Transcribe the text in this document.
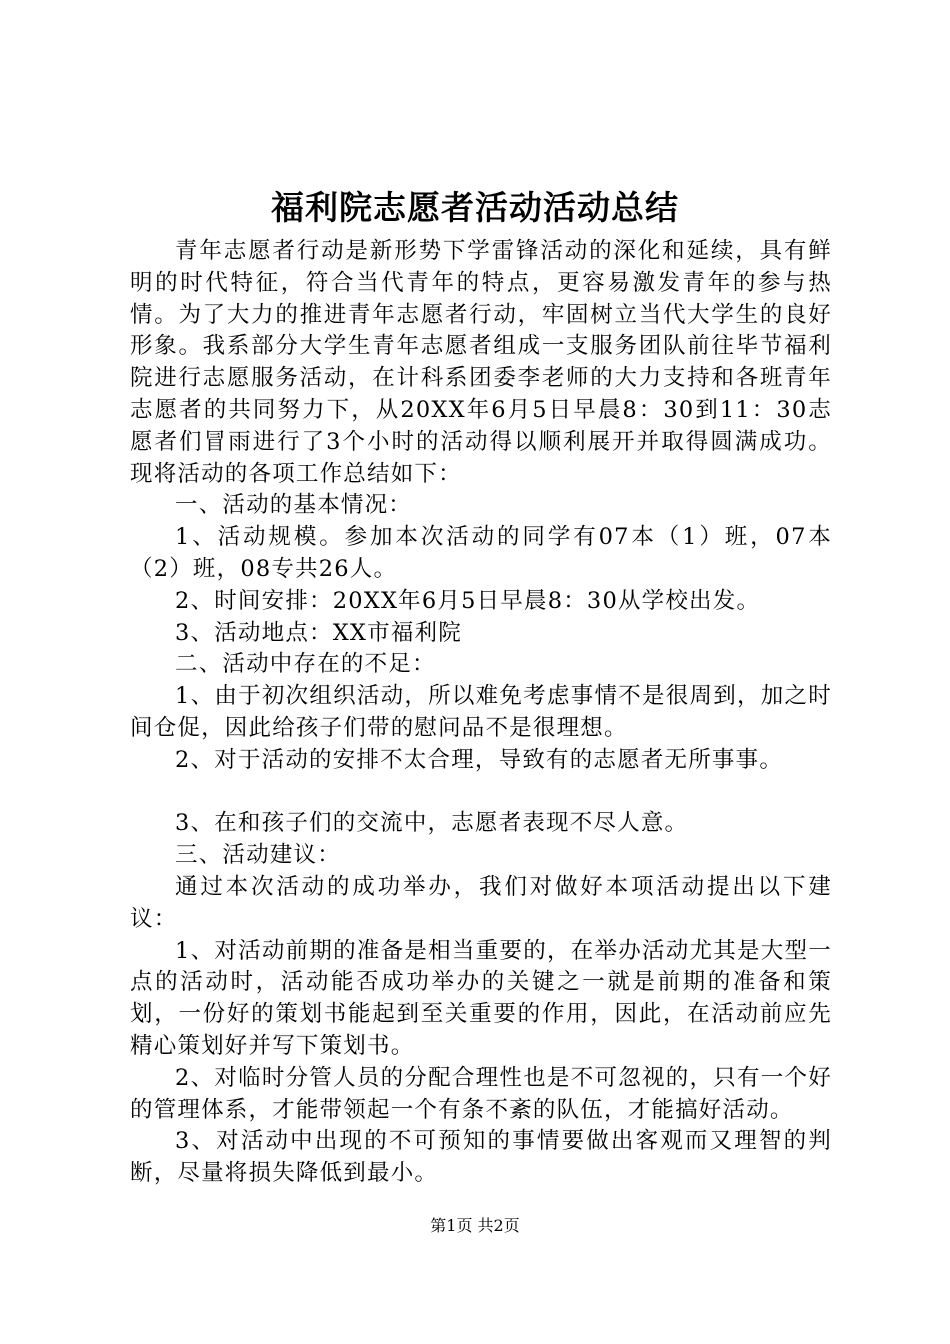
福利院志愿者活动活动总结

青年志愿者行动是新形势下学雷锋活动的深化和延续，具有鲜明的时代特征，符合当代青年的特点，更容易激发青年的参与热情。为了大力的推进青年志愿者行动，牢固树立当代大学生的良好形象。我系部分大学生青年志愿者组成一支服务团队前往毕节福利院进行志愿服务活动，在计科系团委李老师的大力支持和各班青年志愿者的共同努力下，从20XX年6月5日早晨8：30到11：30志愿者们冒雨进行了3个小时的活动得以顺利展开并取得圆满成功。现将活动的各项工作总结如下：

一、活动的基本情况：

1、活动规模。参加本次活动的同学有07本（1）班，07本（2）班，08专共26人。

2、时间安排：20XX年6月5日早晨8：30从学校出发。

3、活动地点：XX市福利院

二、活动中存在的不足：

1、由于初次组织活动，所以难免考虑事情不是很周到，加之时间仓促，因此给孩子们带的慰问品不是很理想。

2、对于活动的安排不太合理，导致有的志愿者无所事事。

3、在和孩子们的交流中，志愿者表现不尽人意。

三、活动建议：

通过本次活动的成功举办，我们对做好本项活动提出以下建议：

1、对活动前期的准备是相当重要的，在举办活动尤其是大型一点的活动时，活动能否成功举办的关键之一就是前期的准备和策划，一份好的策划书能起到至关重要的作用，因此，在活动前应先精心策划好并写下策划书。

2、对临时分管人员的分配合理性也是不可忽视的，只有一个好的管理体系，才能带领起一个有条不紊的队伍，才能搞好活动。

3、对活动中出现的不可预知的事情要做出客观而又理智的判断，尽量将损失降低到最小。

第1页 共2页
